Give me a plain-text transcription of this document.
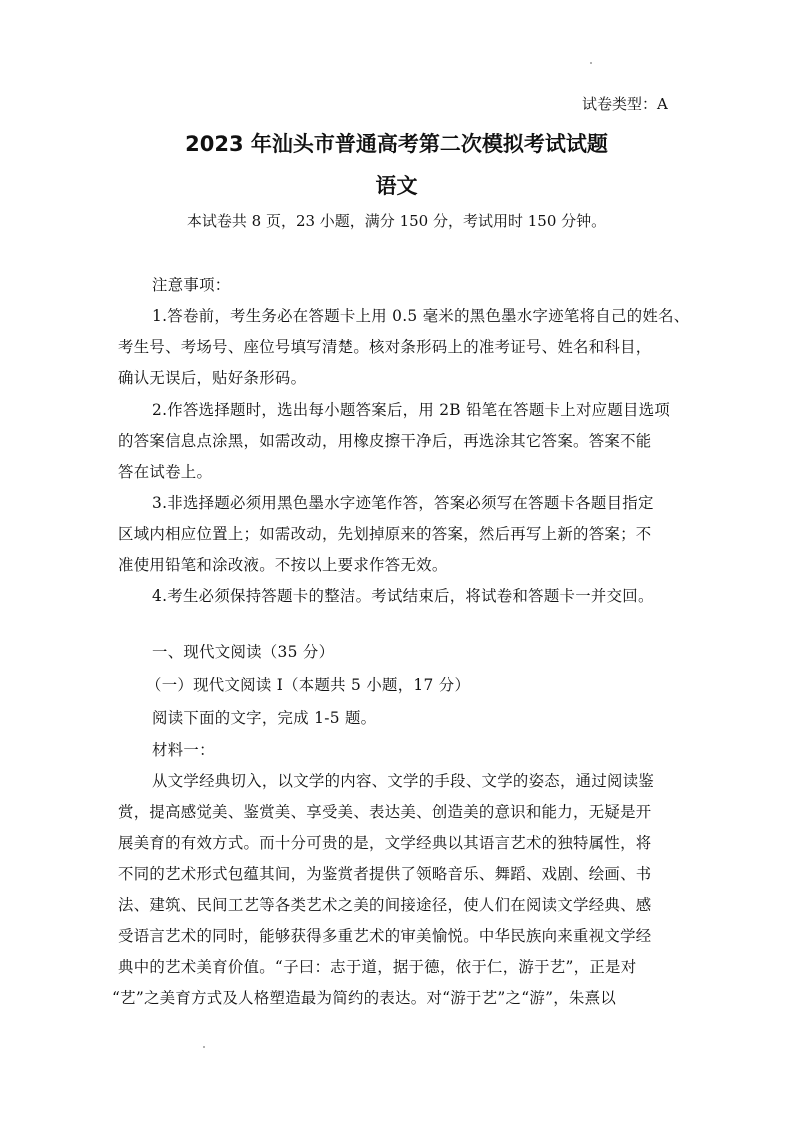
试卷类型：A
2023 年汕头市普通高考第二次模拟考试试题
语文
本试卷共 8 页，23 小题，满分 150 分，考试用时 150 分钟。
注意事项：
1.答卷前，考生务必在答题卡上用 0.5 毫米的黑色墨水字迹笔将自己的姓名、
考生号、考场号、座位号填写清楚。核对条形码上的准考证号、姓名和科目，
确认无误后，贴好条形码。
2.作答选择题时，选出每小题答案后，用 2B 铅笔在答题卡上对应题目选项
的答案信息点涂黑，如需改动，用橡皮擦干净后，再选涂其它答案。答案不能
答在试卷上。
3.非选择题必须用黑色墨水字迹笔作答，答案必须写在答题卡各题目指定
区域内相应位置上；如需改动，先划掉原来的答案，然后再写上新的答案；不
准使用铅笔和涂改液。不按以上要求作答无效。
4.考生必须保持答题卡的整洁。考试结束后，将试卷和答题卡一并交回。
一、现代文阅读（35 分）
（一）现代文阅读 I（本题共 5 小题，17 分）
阅读下面的文字，完成 1-5 题。
材料一：
从文学经典切入，以文学的内容、文学的手段、文学的姿态，通过阅读鉴
赏，提高感觉美、鉴赏美、享受美、表达美、创造美的意识和能力，无疑是开
展美育的有效方式。而十分可贵的是，文学经典以其语言艺术的独特属性，将
不同的艺术形式包蕴其间，为鉴赏者提供了领略音乐、舞蹈、戏剧、绘画、书
法、建筑、民间工艺等各类艺术之美的间接途径，使人们在阅读文学经典、感
受语言艺术的同时，能够获得多重艺术的审美愉悦。中华民族向来重视文学经
典中的艺术美育价值。“子曰：志于道，据于德，依于仁，游于艺”，正是对
“艺”之美育方式及人格塑造最为简约的表达。对“游于艺”之“游”，朱熹以
